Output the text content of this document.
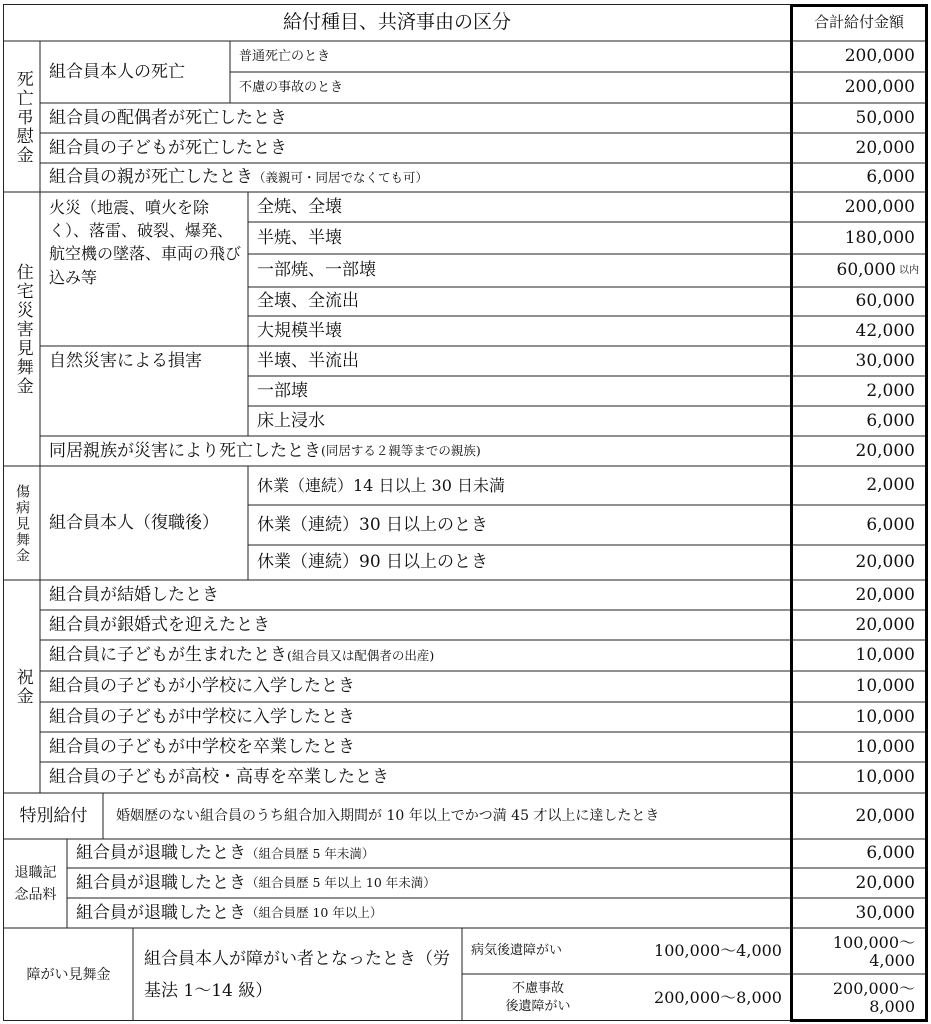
給付種目、共済事由の区分	合計給付金額
死亡弔慰金 組合員本人の死亡
普通死亡のとき	200,000
不慮の事故のとき	200,000
組合員の配偶者が死亡したとき	50,000
組合員の子どもが死亡したとき	20,000
組合員の親が死亡したとき （義親可・同居でなくても可）	6,000
住宅災害見舞金
火災（地震、噴火を除く）、落雷、破裂、爆発、航空機の墜落、車両の飛び込み等
全焼、全壊	200,000
半焼、半壊	180,000
一部焼、一部壊	60,000 以内
全壊、全流出	60,000
大規模半壊	42,000
自然災害による損害	半壊、半流出	30,000
一部壊	2,000
床上浸水	6,000
同居親族が災害により死亡したとき (同居する２親等までの親族)	20,000
傷病見舞金	組合員本人（復職後）
休業（連続）14 日以上 30 日未満	2,000
休業（連続）30 日以上のとき	6,000
休業（連続）90 日以上のとき	20,000
祝金
組合員が結婚したとき	20,000
組合員が銀婚式を迎えたとき	20,000
組合員に子どもが生まれたとき (組合員又は配偶者の出産)	10,000
組合員の子どもが小学校に入学したとき	10,000
組合員の子どもが中学校に入学したとき	10,000
組合員の子どもが中学校を卒業したとき	10,000
組合員の子どもが高校・高専を卒業したとき	10,000
特別給付	婚姻歴のない組合員のうち組合加入期間が 10 年以上でかつ満 45 才以上に達したとき	20,000
退職記
念品料
組合員が退職したとき （組合員歴 5 年未満）	6,000
組合員が退職したとき （組合員歴 5 年以上 10 年未満）	20,000
組合員が退職したとき （組合員歴 10 年以上）	30,000
障がい見舞金
組合員本人が障がい者となったとき（労基法 1～14 級）
病気後遺障がい	100,000～4,000	100,000～
4,000
不慮事故
後遺障がい	200,000～8,000	200,000～
8,000
